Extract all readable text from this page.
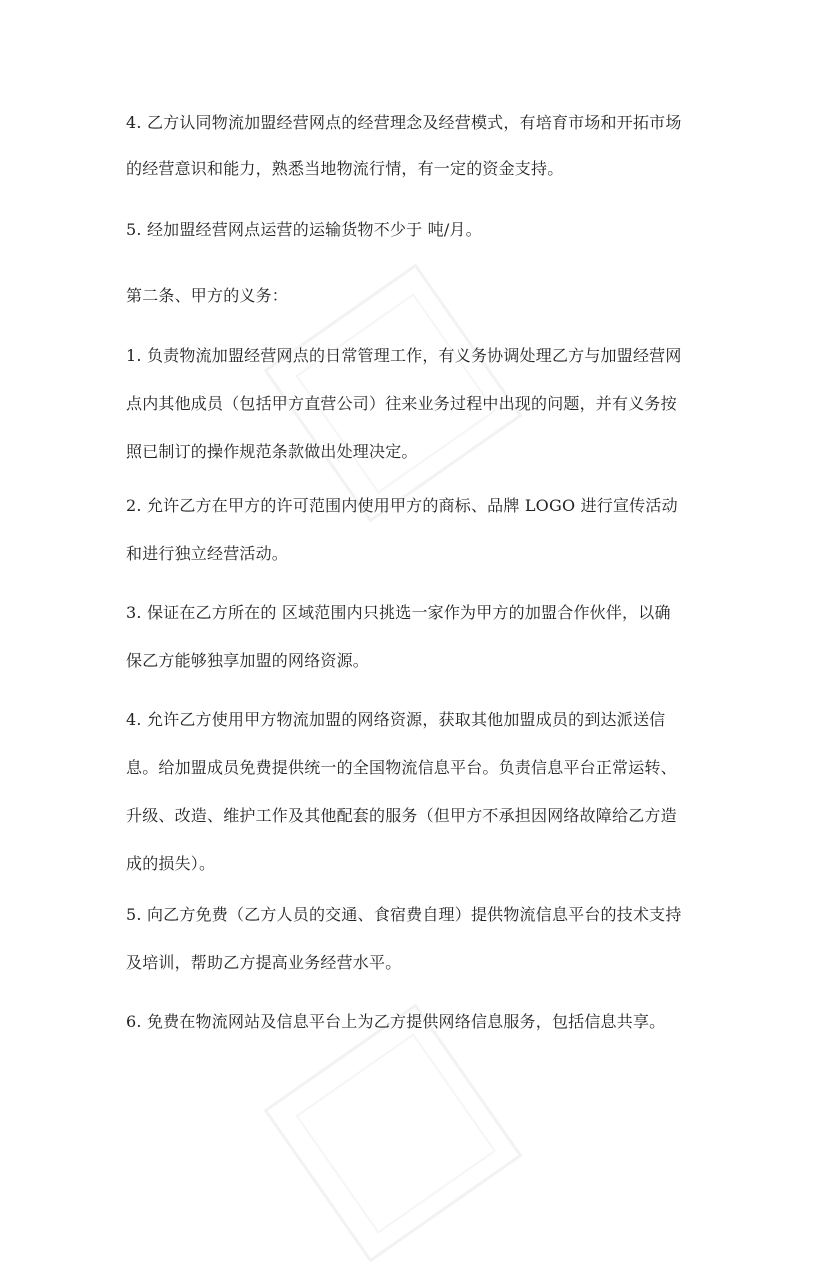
4. 乙方认同物流加盟经营网点的经营理念及经营模式，有培育市场和开拓市场
的经营意识和能力，熟悉当地物流行情，有一定的资金支持。
5. 经加盟经营网点运营的运输货物不少于 吨/月。
第二条、甲方的义务：
1. 负责物流加盟经营网点的日常管理工作，有义务协调处理乙方与加盟经营网
点内其他成员（包括甲方直营公司）往来业务过程中出现的问题，并有义务按
照已制订的操作规范条款做出处理决定。
2. 允许乙方在甲方的许可范围内使用甲方的商标、品牌 LOGO 进行宣传活动
和进行独立经营活动。
3. 保证在乙方所在的 区域范围内只挑选一家作为甲方的加盟合作伙伴，以确
保乙方能够独享加盟的网络资源。
4. 允许乙方使用甲方物流加盟的网络资源，获取其他加盟成员的到达派送信
息。给加盟成员免费提供统一的全国物流信息平台。负责信息平台正常运转、
升级、改造、维护工作及其他配套的服务（但甲方不承担因网络故障给乙方造
成的损失）。
5. 向乙方免费（乙方人员的交通、食宿费自理）提供物流信息平台的技术支持
及培训，帮助乙方提高业务经营水平。
6. 免费在物流网站及信息平台上为乙方提供网络信息服务，包括信息共享。
